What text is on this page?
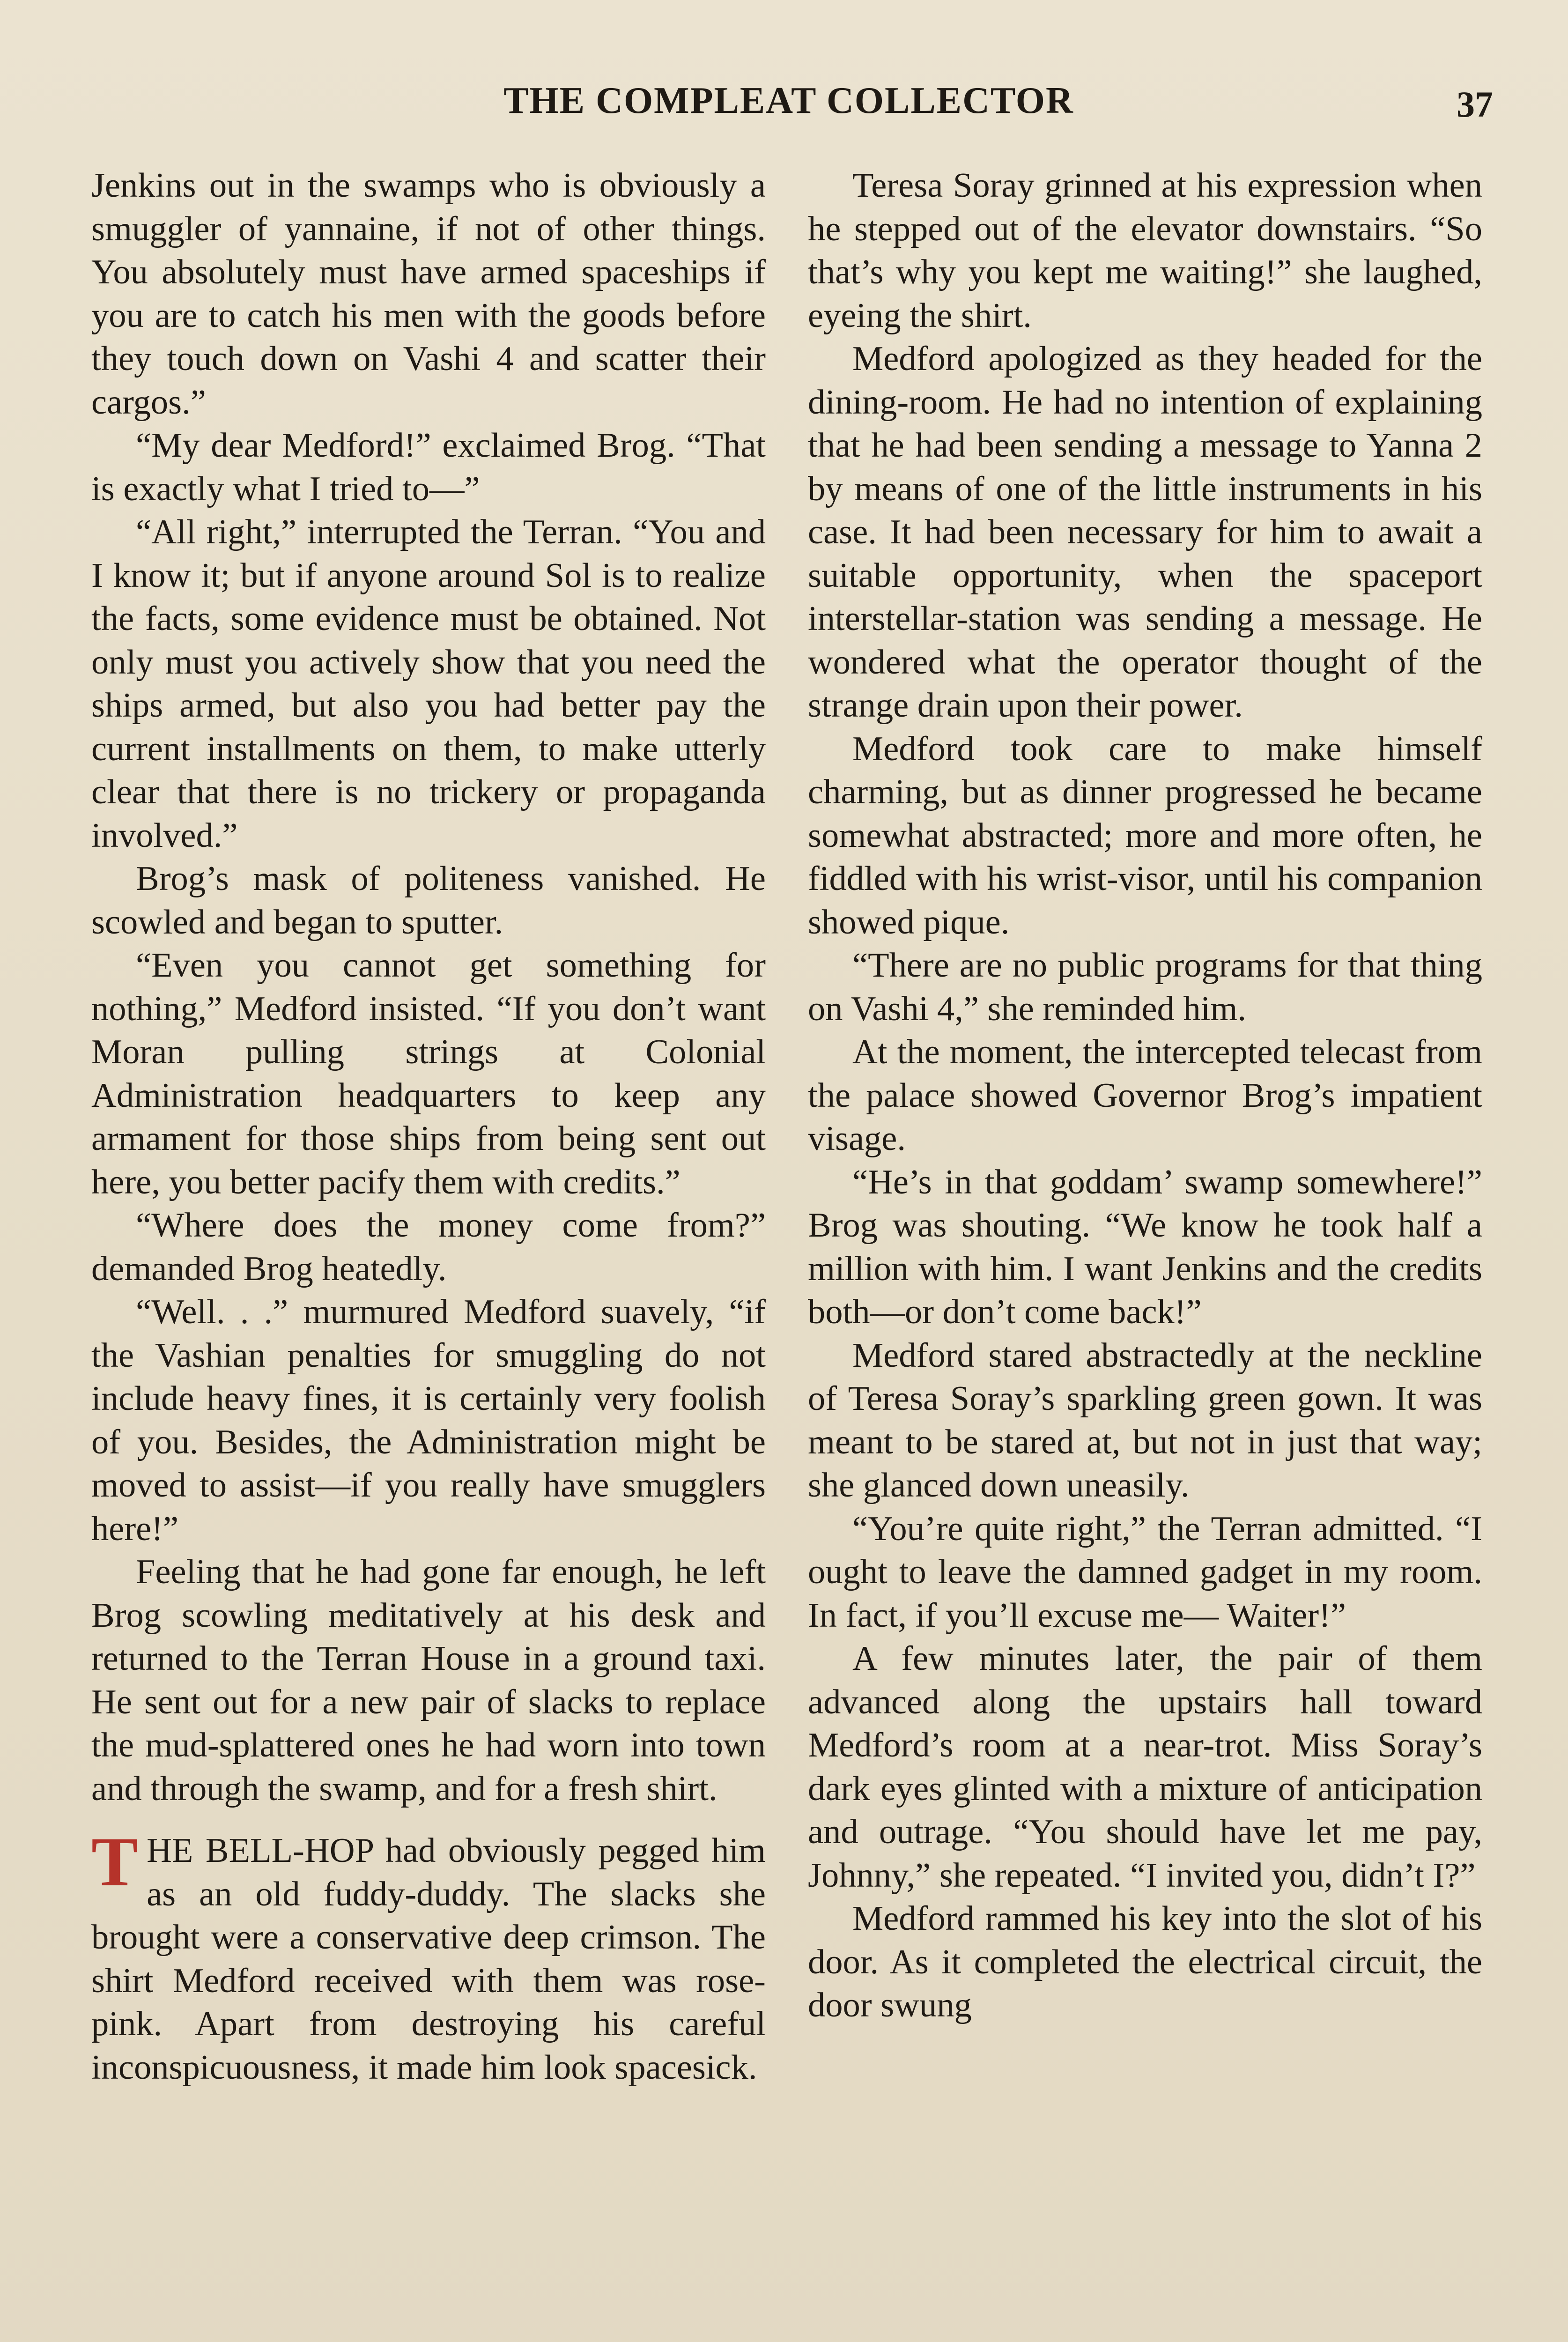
THE COMPLEAT COLLECTOR	37

Jenkins out in the swamps who is obviously a smuggler of yannaine, if not of other things. You absolutely must have armed spaceships if you are to catch his men with the goods before they touch down on Vashi 4 and scatter their cargos.”

“My dear Medford!” exclaimed Brog. “That is exactly what I tried to—”

“All right,” interrupted the Terran. “You and I know it; but if anyone around Sol is to realize the facts, some evidence must be obtained. Not only must you actively show that you need the ships armed, but also you had better pay the current installments on them, to make utterly clear that there is no trickery or propaganda involved.”

Brog’s mask of politeness vanished. He scowled and began to sputter.

“Even you cannot get something for nothing,” Medford insisted. “If you don’t want Moran pulling strings at Colonial Administration headquarters to keep any armament for those ships from being sent out here, you better pacify them with credits.”

“Where does the money come from?” demanded Brog heatedly.

“Well. . .” murmured Medford suavely, “if the Vashian penalties for smuggling do not include heavy fines, it is certainly very foolish of you. Besides, the Administration might be moved to assist—if you really have smugglers here!”

Feeling that he had gone far enough, he left Brog scowling meditatively at his desk and returned to the Terran House in a ground taxi. He sent out for a new pair of slacks to replace the mud-splattered ones he had worn into town and through the swamp, and for a fresh shirt.

THE BELL-HOP had obviously pegged him as an old fuddy-duddy. The slacks she brought were a conservative deep crimson. The shirt Medford received with them was rose-pink. Apart from destroying his careful inconspicuousness, it made him look spacesick.

Teresa Soray grinned at his expression when he stepped out of the elevator downstairs. “So that’s why you kept me waiting!” she laughed, eyeing the shirt.

Medford apologized as they headed for the dining-room. He had no intention of explaining that he had been sending a message to Yanna 2 by means of one of the little instruments in his case. It had been necessary for him to await a suitable opportunity, when the spaceport interstellar-station was sending a message. He wondered what the operator thought of the strange drain upon their power.

Medford took care to make himself charming, but as dinner progressed he became somewhat abstracted; more and more often, he fiddled with his wrist-visor, until his companion showed pique.

“There are no public programs for that thing on Vashi 4,” she reminded him.

At the moment, the intercepted telecast from the palace showed Governor Brog’s impatient visage.

“He’s in that goddam’ swamp somewhere!” Brog was shouting. “We know he took half a million with him. I want Jenkins and the credits both—or don’t come back!”

Medford stared abstractedly at the neckline of Teresa Soray’s sparkling green gown. It was meant to be stared at, but not in just that way; she glanced down uneasily.

“You’re quite right,” the Terran admitted. “I ought to leave the damned gadget in my room. In fact, if you’ll excuse me— Waiter!”

A few minutes later, the pair of them advanced along the upstairs hall toward Medford’s room at a near-trot. Miss Soray’s dark eyes glinted with a mixture of anticipation and outrage. “You should have let me pay, Johnny,” she repeated. “I invited you, didn’t I?”

Medford rammed his key into the slot of his door. As it completed the electrical circuit, the door swung
